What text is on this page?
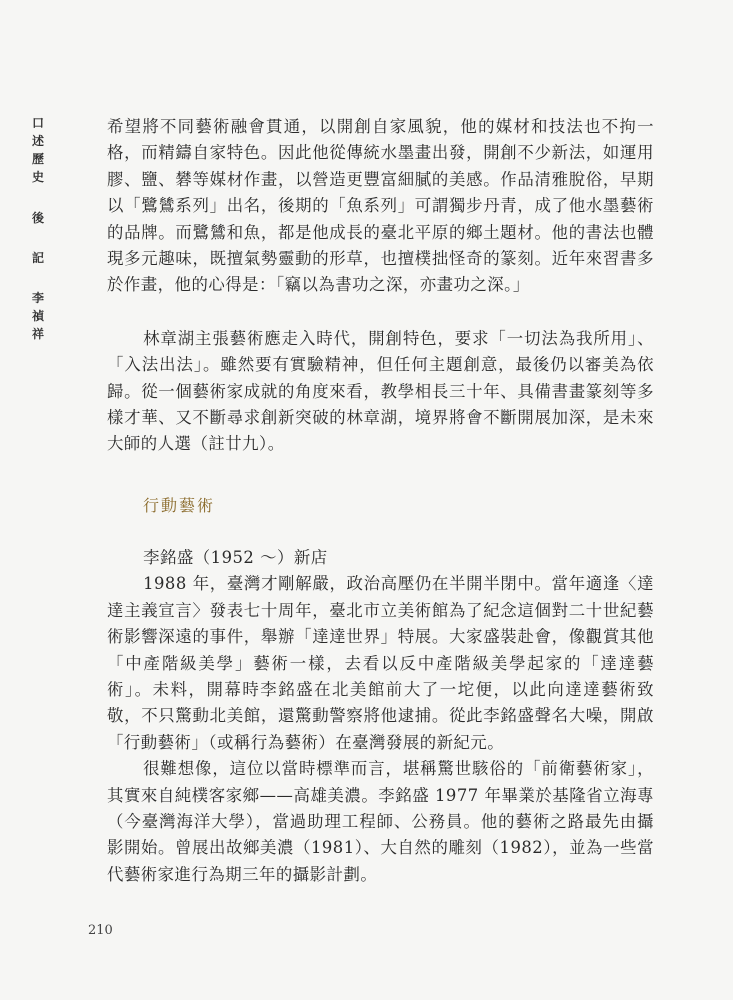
口
述
歷
史
後
記
李
禎
祥

希望將不同藝術融會貫通，以開創自家風貌，他的媒材和技法也不拘一格，而精鑄自家特色。因此他從傳統水墨畫出發，開創不少新法，如運用膠、鹽、礬等媒材作畫，以營造更豐富細膩的美感。作品清雅脫俗，早期以「鷺鷥系列」出名，後期的「魚系列」可謂獨步丹青，成了他水墨藝術的品牌。而鷺鷥和魚，都是他成長的臺北平原的鄉土題材。他的書法也體現多元趣味，既擅氣勢靈動的形草，也擅樸拙怪奇的篆刻。近年來習書多於作畫，他的心得是：「竊以為書功之深，亦畫功之深。」

林章湖主張藝術應走入時代，開創特色，要求「一切法為我所用」、「入法出法」。雖然要有實驗精神，但任何主題創意，最後仍以審美為依歸。從一個藝術家成就的角度來看，教學相長三十年、具備書畫篆刻等多樣才華、又不斷尋求創新突破的林章湖，境界將會不斷開展加深，是未來大師的人選（註廿九）。

行動藝術

李銘盛（1952 ～）新店

1988 年，臺灣才剛解嚴，政治高壓仍在半開半閉中。當年適逢〈達達主義宣言〉發表七十周年，臺北市立美術館為了紀念這個對二十世紀藝術影響深遠的事件，舉辦「達達世界」特展。大家盛裝赴會，像觀賞其他「中產階級美學」藝術一樣，去看以反中產階級美學起家的「達達藝術」。未料，開幕時李銘盛在北美館前大了一坨便，以此向達達藝術致敬，不只驚動北美館，還驚動警察將他逮捕。從此李銘盛聲名大噪，開啟「行動藝術」（或稱行為藝術）在臺灣發展的新紀元。

很難想像，這位以當時標準而言，堪稱驚世駭俗的「前衛藝術家」，其實來自純樸客家鄉——高雄美濃。李銘盛 1977 年畢業於基隆省立海專（今臺灣海洋大學），當過助理工程師、公務員。他的藝術之路最先由攝影開始。曾展出故鄉美濃（1981）、大自然的雕刻（1982），並為一些當代藝術家進行為期三年的攝影計劃。

210
